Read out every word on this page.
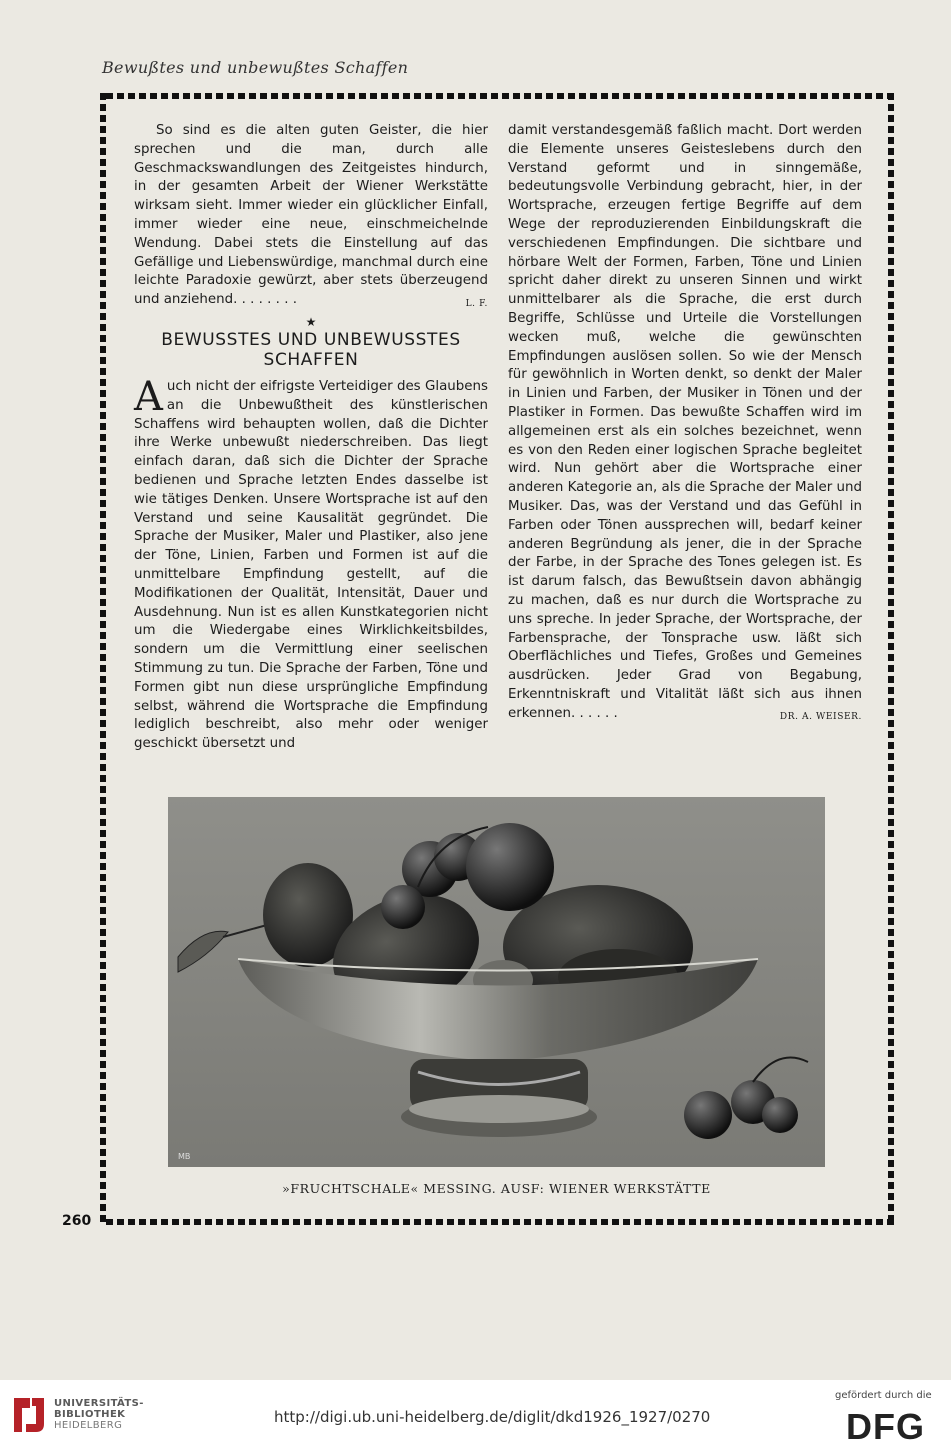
Bewußtes und unbewußtes Schaffen

So sind es die alten guten Geister, die hier sprechen und die man, durch alle Geschmackswandlungen des Zeitgeistes hindurch, in der gesamten Arbeit der Wiener Werkstätte wirksam sieht. Immer wieder ein glücklicher Einfall, immer wieder eine neue, einschmeichelnde Wendung. Dabei stets die Einstellung auf das Gefällige und Liebenswürdige, manchmal durch eine leichte Paradoxie gewürzt, aber stets überzeugend und anziehend. . . . . . . .	L. F.

★
BEWUSSTES UND UNBEWUSSTES
SCHAFFEN

Auch nicht der eifrigste Verteidiger des Glaubens an die Unbewußtheit des künstlerischen Schaffens wird behaupten wollen, daß die Dichter ihre Werke unbewußt niederschreiben. Das liegt einfach daran, daß sich die Dichter der Sprache bedienen und Sprache letzten Endes dasselbe ist wie tätiges Denken. Unsere Wortsprache ist auf den Verstand und seine Kausalität gegründet. Die Sprache der Musiker, Maler und Plastiker, also jene der Töne, Linien, Farben und Formen ist auf die unmittelbare Empfindung gestellt, auf die Modifikationen der Qualität, Intensität, Dauer und Ausdehnung. Nun ist es allen Kunstkategorien nicht um die Wiedergabe eines Wirklichkeitsbildes, sondern um die Vermittlung einer seelischen Stimmung zu tun. Die Sprache der Farben, Töne und Formen gibt nun diese ursprüngliche Empfindung selbst, während die Wortsprache die Empfindung lediglich beschreibt, also mehr oder weniger geschickt übersetzt und

damit verstandesgemäß faßlich macht. Dort werden die Elemente unseres Geisteslebens durch den Verstand geformt und in sinngemäße, bedeutungsvolle Verbindung gebracht, hier, in der Wortsprache, erzeugen fertige Begriffe auf dem Wege der reproduzierenden Einbildungskraft die verschiedenen Empfindungen. Die sichtbare und hörbare Welt der Formen, Farben, Töne und Linien spricht daher direkt zu unseren Sinnen und wirkt unmittelbarer als die Sprache, die erst durch Begriffe, Schlüsse und Urteile die Vorstellungen wecken muß, welche die gewünschten Empfindungen auslösen sollen. So wie der Mensch für gewöhnlich in Worten denkt, so denkt der Maler in Linien und Farben, der Musiker in Tönen und der Plastiker in Formen. Das bewußte Schaffen wird im allgemeinen erst als ein solches bezeichnet, wenn es von den Reden einer logischen Sprache begleitet wird. Nun gehört aber die Wortsprache einer anderen Kategorie an, als die Sprache der Maler und Musiker. Das, was der Verstand und das Gefühl in Farben oder Tönen aussprechen will, bedarf keiner anderen Begründung als jener, die in der Sprache der Farbe, in der Sprache des Tones gelegen ist. Es ist darum falsch, das Bewußtsein davon abhängig zu machen, daß es nur durch die Wortsprache zu uns spreche. In jeder Sprache, der Wortsprache, der Farbensprache, der Tonsprache usw. läßt sich Oberflächliches und Tiefes, Großes und Gemeines ausdrücken. Jeder Grad von Begabung, Erkenntniskraft und Vitalität läßt sich aus ihnen erkennen. . . . . .	DR. A. WEISER.

MB
»FRUCHTSCHALE« MESSING. AUSF: WIENER WERKSTÄTTE
260
UNIVERSITÄTS-
BIBLIOTHEK
HEIDELBERG	http://digi.ub.uni-heidelberg.de/diglit/dkd1926_1927/0270
gefördert durch die
DFG
